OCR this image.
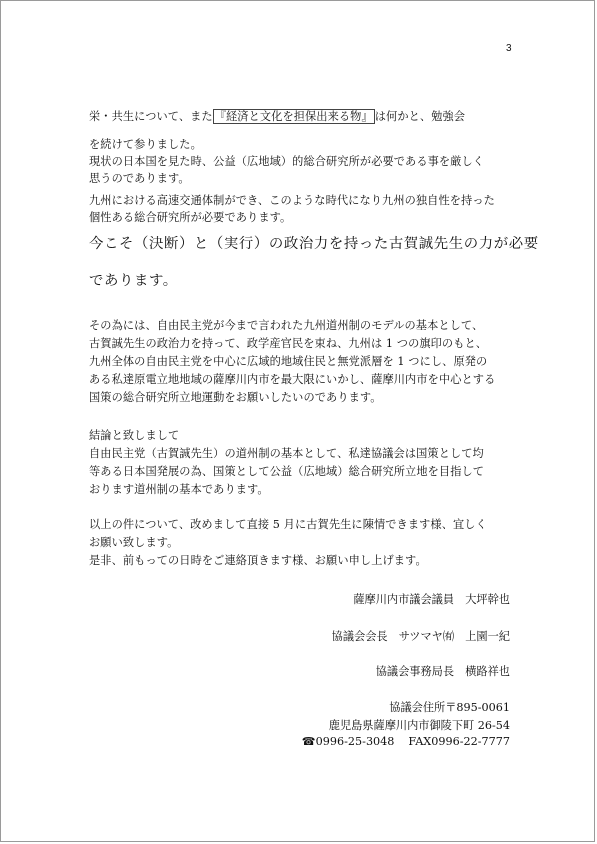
3
栄・共生について、また 『経済と文化を担保出来る物』 は何かと、勉強会
を続けて参りました。
現状の日本国を見た時、公益（広地域）的総合研究所が必要である事を厳しく
思うのであります。
九州における高速交通体制ができ、このような時代になり九州の独自性を持った
個性ある総合研究所が必要であります。
今こそ（決断）と（実行）の政治力を持った古賀誠先生の力が必要
であります。
その為には、自由民主党が今まで言われた九州道州制のモデルの基本として、
古賀誠先生の政治力を持って、政学産官民を束ね、九州は 1 つの旗印のもと、
九州全体の自由民主党を中心に広域的地域住民と無党派層を 1 つにし、原発の
ある私達原電立地地域の薩摩川内市を最大限にいかし、薩摩川内市を中心とする
国策の総合研究所立地運動をお願いしたいのであります。
結論と致しまして
自由民主党（古賀誠先生）の道州制の基本として、私達協議会は国策として均
等ある日本国発展の為、国策として公益（広地域）総合研究所立地を目指して
おります道州制の基本であります。
以上の件について、改めまして直接 5 月に古賀先生に陳情できます様、宜しく
お願い致します。
是非、前もっての日時をご連絡頂きます様、お願い申し上げます。
薩摩川内市議会議員　大坪幹也
協議会会長　サツマヤ㈲　上園一紀
協議会事務局長　横路祥也
協議会住所〒895-0061
鹿児島県薩摩川内市御陵下町 26-54
☎0996-25-3048 FAX0996-22-7777
